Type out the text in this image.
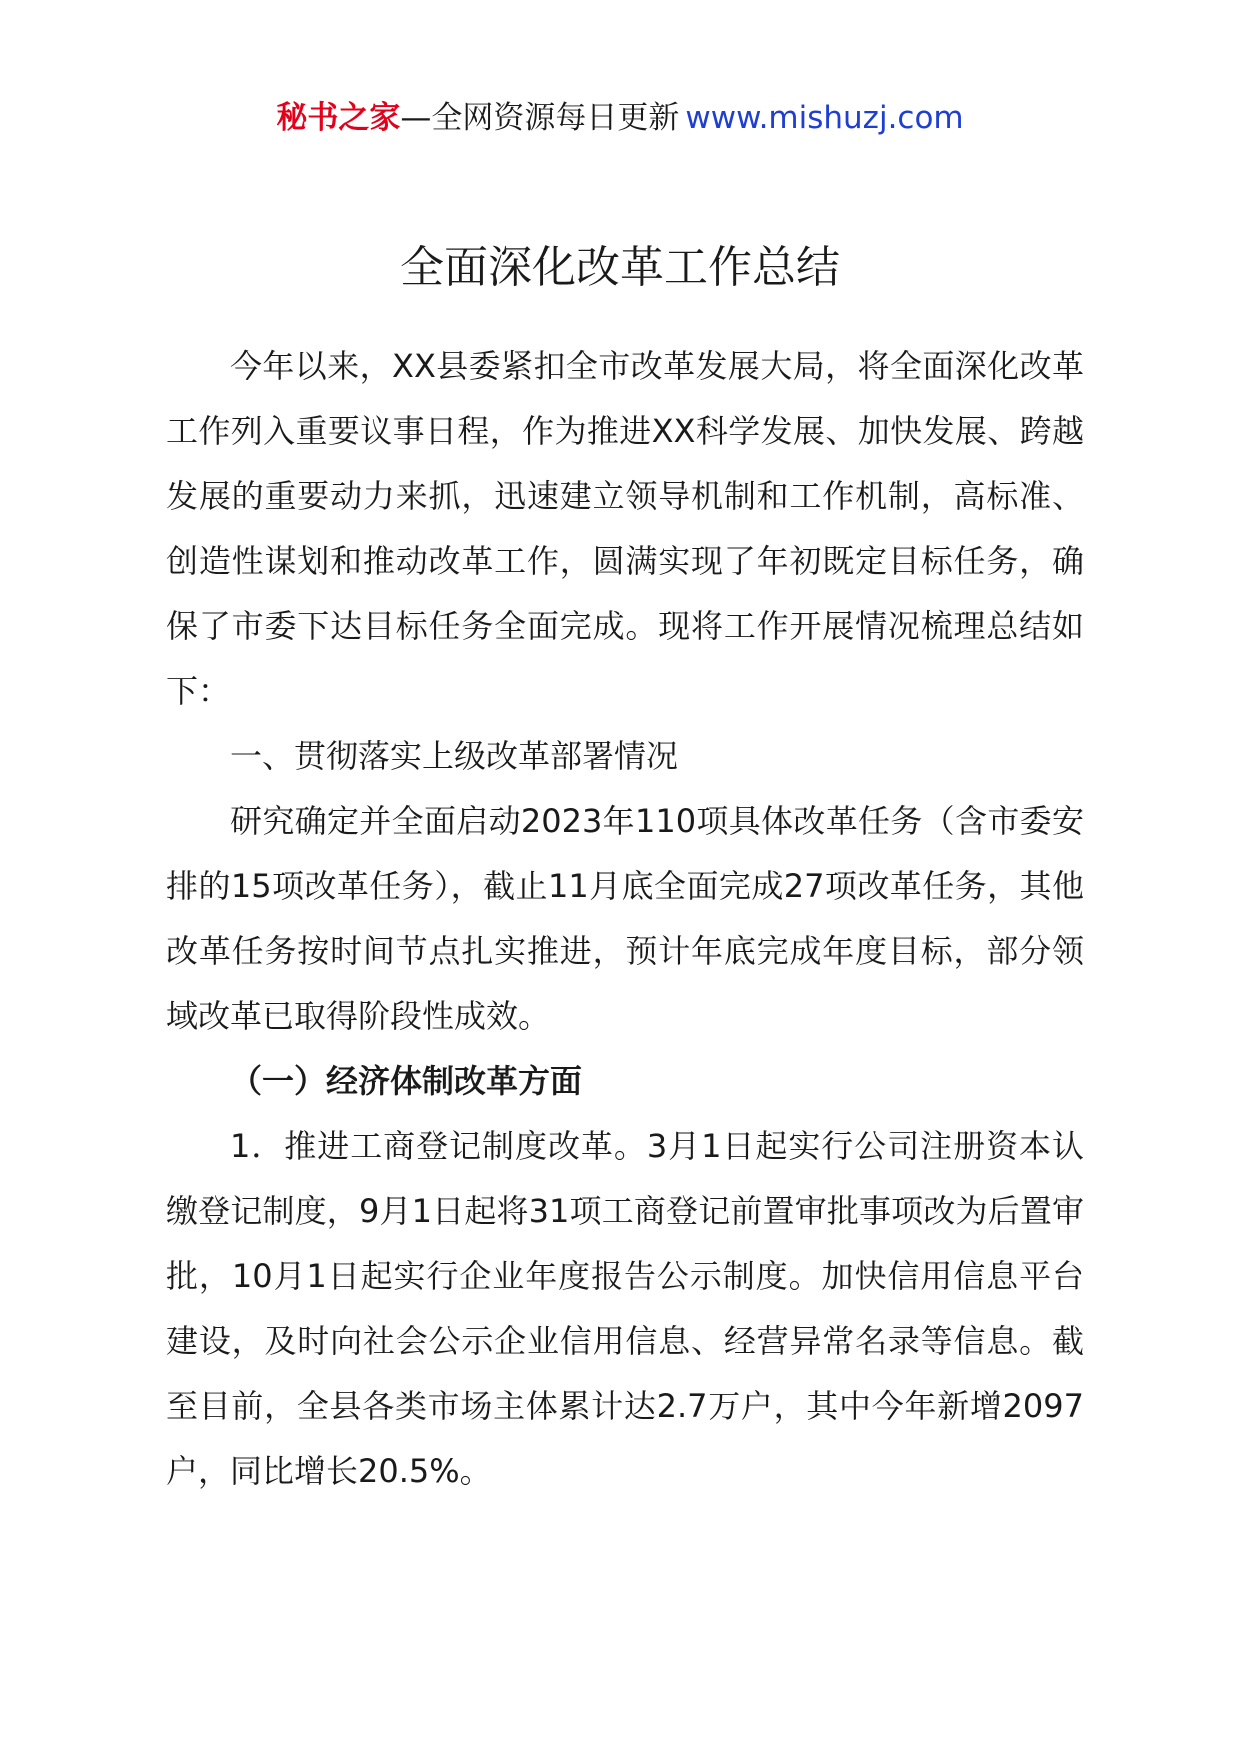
秘书之家—全网资源每日更新 www.mishuzj.com
全面深化改革工作总结

今年以来，XX县委紧扣全市改革发展大局，将全面深化改革工作列入重要议事日程，作为推进XX科学发展、加快发展、跨越发展的重要动力来抓，迅速建立领导机制和工作机制，高标准、创造性谋划和推动改革工作，圆满实现了年初既定目标任务，确保了市委下达目标任务全面完成。现将工作开展情况梳理总结如下：

一、贯彻落实上级改革部署情况

研究确定并全面启动2023年110项具体改革任务（含市委安排的15项改革任务），截止11月底全面完成27项改革任务，其他改革任务按时间节点扎实推进，预计年底完成年度目标，部分领域改革已取得阶段性成效。

（一）经济体制改革方面

1．推进工商登记制度改革。3月1日起实行公司注册资本认缴登记制度，9月1日起将31项工商登记前置审批事项改为后置审批，10月1日起实行企业年度报告公示制度。加快信用信息平台建设，及时向社会公示企业信用信息、经营异常名录等信息。截至目前，全县各类市场主体累计达2.7万户，其中今年新增2097户，同比增长20.5%。
